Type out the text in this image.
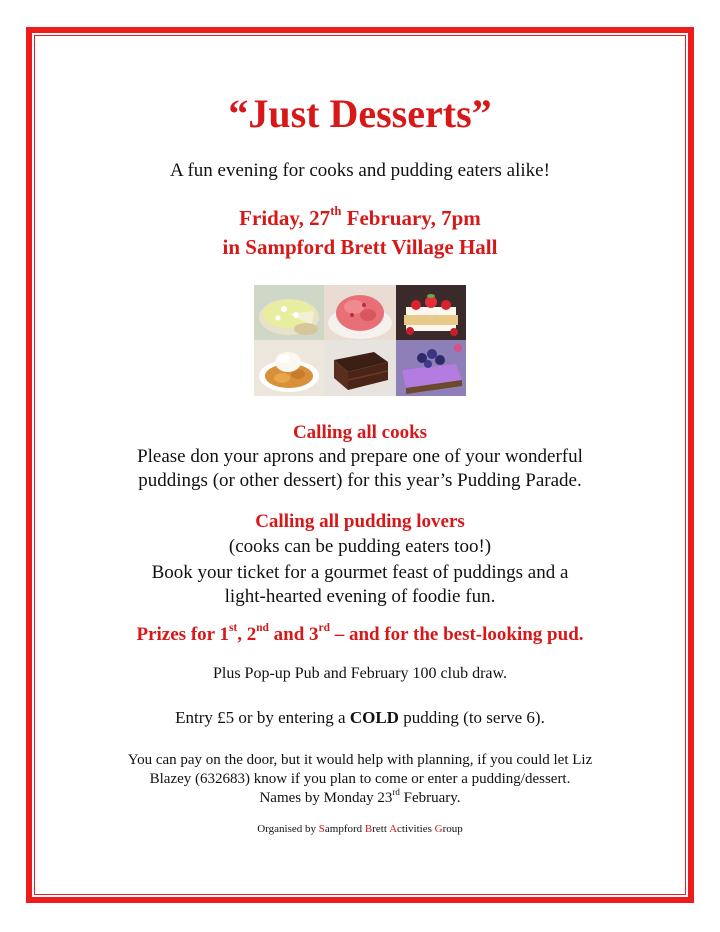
“Just Desserts”
A fun evening for cooks and pudding eaters alike!
Friday, 27th February, 7pm
in Sampford Brett Village Hall
Calling all cooks
Please don your aprons and prepare one of your wonderful
puddings (or other dessert) for this year’s Pudding Parade.
Calling all pudding lovers
(cooks can be pudding eaters too!)
Book your ticket for a gourmet feast of puddings and a
light-hearted evening of foodie fun.
Prizes for 1st, 2nd and 3rd – and for the best-looking pud.
Plus Pop-up Pub and February 100 club draw.
Entry £5 or by entering a COLD pudding (to serve 6).
You can pay on the door, but it would help with planning, if you could let Liz
Blazey (632683) know if you plan to come or enter a pudding/dessert.
Names by Monday 23rd February.
Organised by Sampford Brett Activities Group
